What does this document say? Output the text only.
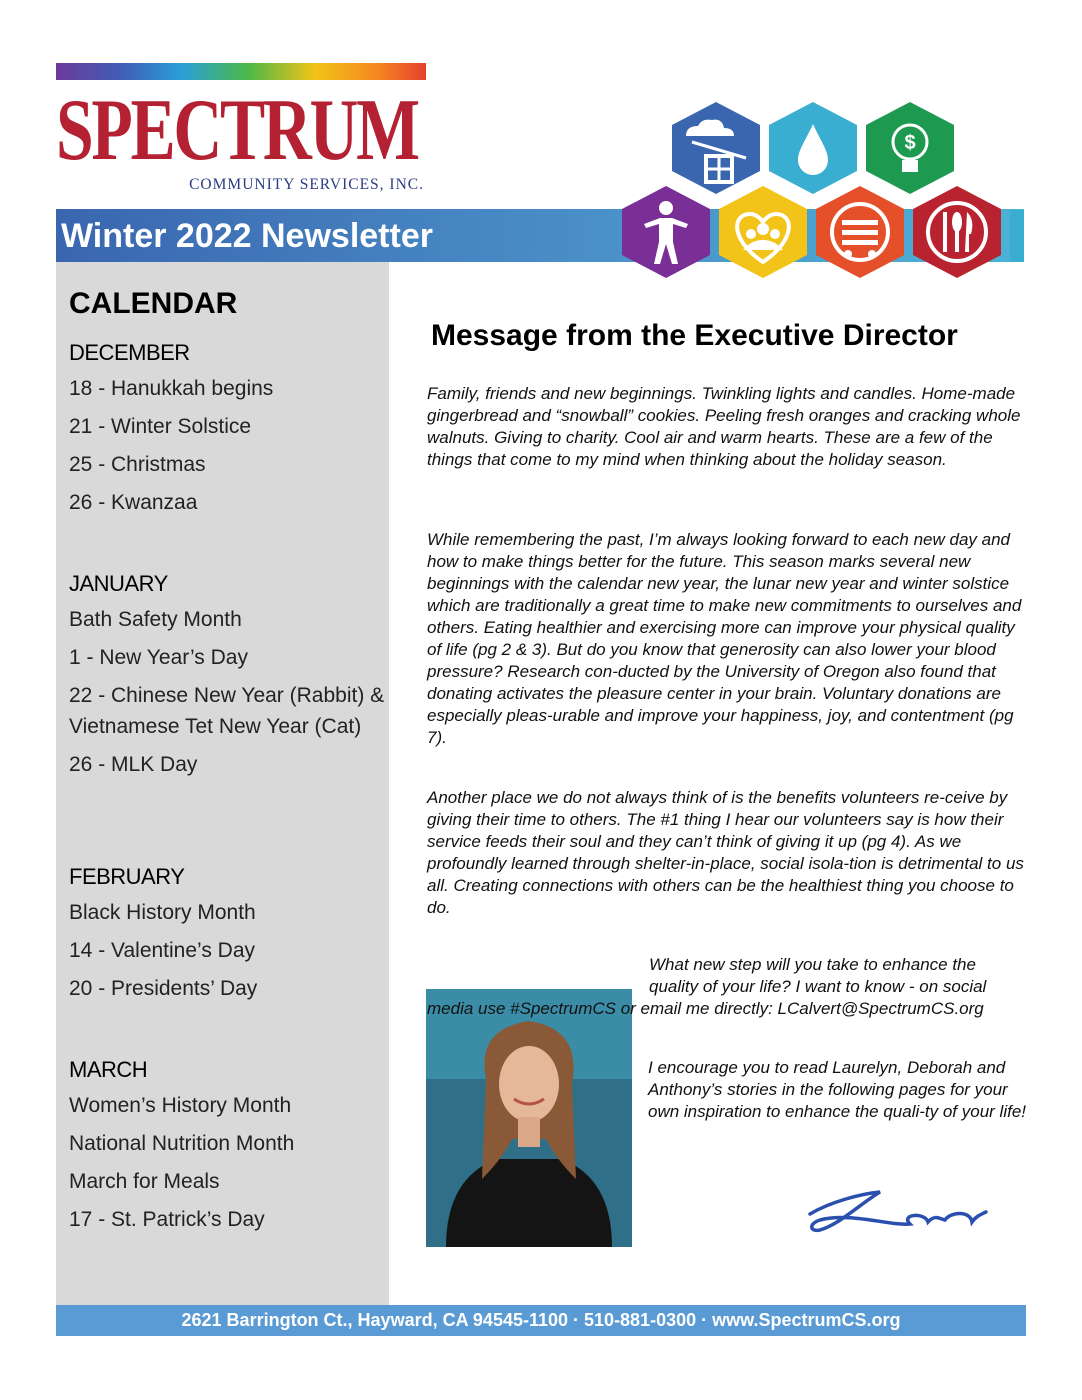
SPECTRUM
COMMUNITY SERVICES, INC.
Winter 2022 Newsletter
$
CALENDAR
DECEMBER
18 - Hanukkah begins
21 - Winter Solstice
25 - Christmas
26 - Kwanzaa
JANUARY
Bath Safety Month
1 - New Year’s Day
22 - Chinese New Year (Rabbit) & Vietnamese Tet New Year (Cat)
26 - MLK Day
FEBRUARY
Black History Month
14 - Valentine’s Day
20 - Presidents’ Day
MARCH
Women’s History Month
National Nutrition Month
March for Meals
17 - St. Patrick’s Day
Message from the Executive Director

Family, friends and new beginnings. Twinkling lights and candles. Home-made gingerbread and “snowball” cookies. Peeling fresh oranges and cracking whole walnuts. Giving to charity. Cool air and warm hearts. These are a few of the things that come to my mind when thinking about the holiday season.

While remembering the past, I’m always looking forward to each new day and how to make things better for the future. This season marks several new beginnings with the calendar new year, the lunar new year and winter solstice which are traditionally a great time to make new commitments to ourselves and others. Eating healthier and exercising more can improve your physical quality of life (pg 2 & 3). But do you know that generosity can also lower your blood pressure? Research con-ducted by the University of Oregon also found that donating activates the pleasure center in your brain. Voluntary donations are especially pleas-urable and improve your happiness, joy, and contentment (pg 7).

Another place we do not always think of is the benefits volunteers re-ceive by giving their time to others. The #1 thing I hear our volunteers say is how their service feeds their soul and they can’t think of giving it up (pg 4). As we profoundly learned through shelter-in-place, social isola-tion is detrimental to us all. Creating connections with others can be the healthiest thing you choose to do.

What new step will you take to enhance the quality of your life? I want to know - on social media use #SpectrumCS or email me directly: LCalvert@SpectrumCS.org

I encourage you to read Laurelyn, Deborah and Anthony’s stories in the following pages for your own inspiration to enhance the quali-ty of your life!

Lara
2621 Barrington Ct., Hayward, CA 94545-1100 · 510-881-0300 · www.SpectrumCS.org
